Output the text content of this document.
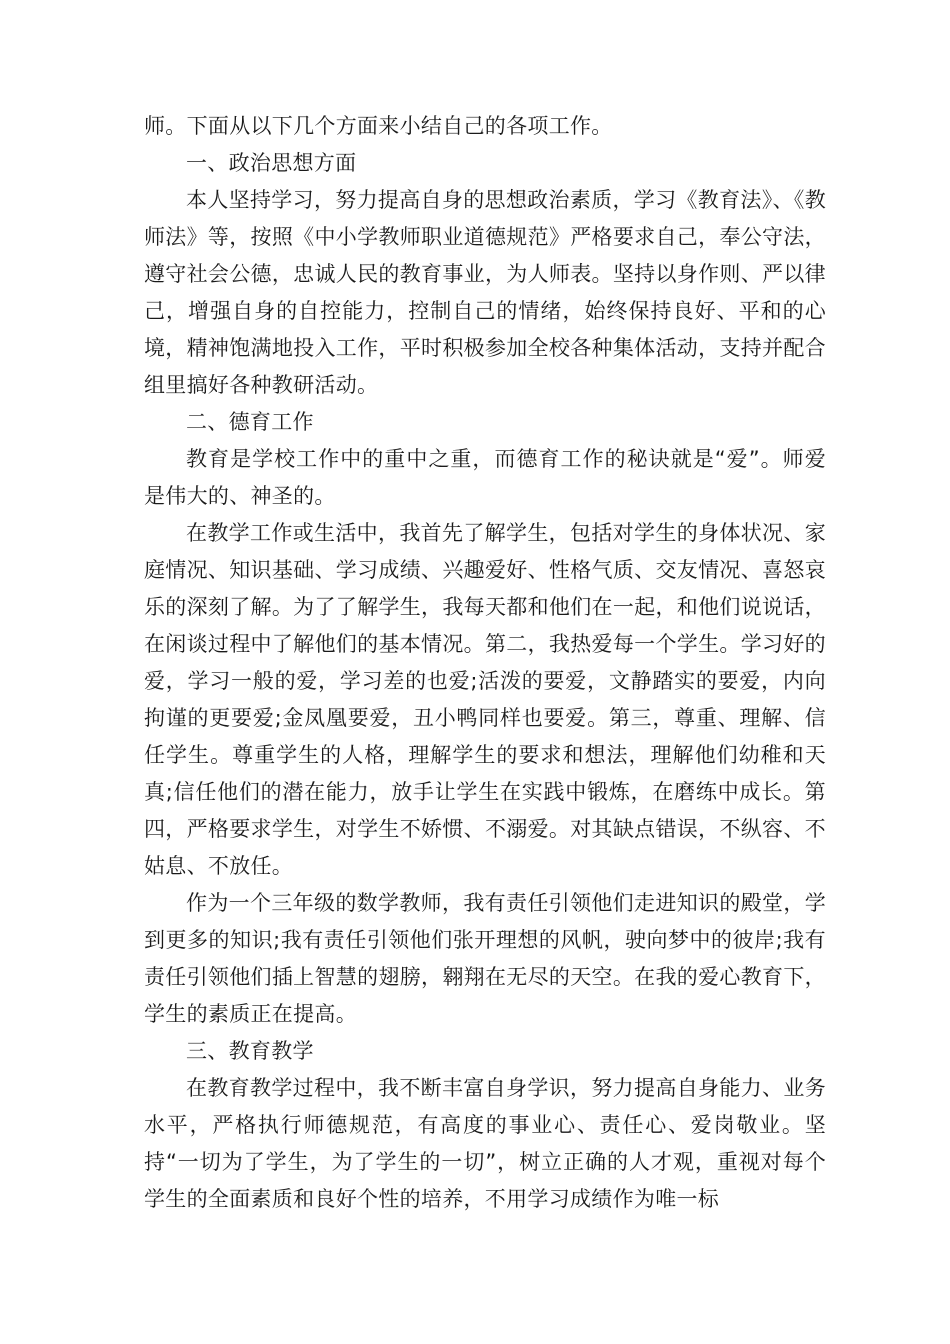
师。下面从以下几个方面来小结自己的各项工作。

一、政治思想方面

本人坚持学习，努力提高自身的思想政治素质，学习《教育法》、《教师法》等，按照《中小学教师职业道德规范》严格要求自己，奉公守法，遵守社会公德，忠诚人民的教育事业，为人师表。坚持以身作则、严以律己，增强自身的自控能力，控制自己的情绪，始终保持良好、平和的心境，精神饱满地投入工作，平时积极参加全校各种集体活动，支持并配合组里搞好各种教研活动。

二、德育工作

教育是学校工作中的重中之重，而德育工作的秘诀就是“爱”。师爱是伟大的、神圣的。

在教学工作或生活中，我首先了解学生，包括对学生的身体状况、家庭情况、知识基础、学习成绩、兴趣爱好、性格气质、交友情况、喜怒哀乐的深刻了解。为了了解学生，我每天都和他们在一起，和他们说说话，在闲谈过程中了解他们的基本情况。第二，我热爱每一个学生。学习好的爱，学习一般的爱，学习差的也爱;活泼的要爱，文静踏实的要爱，内向拘谨的更要爱;金凤凰要爱，丑小鸭同样也要爱。第三，尊重、理解、信任学生。尊重学生的人格，理解学生的要求和想法，理解他们幼稚和天真;信任他们的潜在能力，放手让学生在实践中锻炼，在磨练中成长。第四，严格要求学生，对学生不娇惯、不溺爱。对其缺点错误，不纵容、不姑息、不放任。

作为一个三年级的数学教师，我有责任引领他们走进知识的殿堂，学到更多的知识;我有责任引领他们张开理想的风帆，驶向梦中的彼岸;我有责任引领他们插上智慧的翅膀，翱翔在无尽的天空。在我的爱心教育下，学生的素质正在提高。

三、教育教学

在教育教学过程中，我不断丰富自身学识，努力提高自身能力、业务水平，严格执行师德规范，有高度的事业心、责任心、爱岗敬业。坚持“一切为了学生，为了学生的一切”，树立正确的人才观，重视对每个学生的全面素质和良好个性的培养，不用学习成绩作为唯一标
